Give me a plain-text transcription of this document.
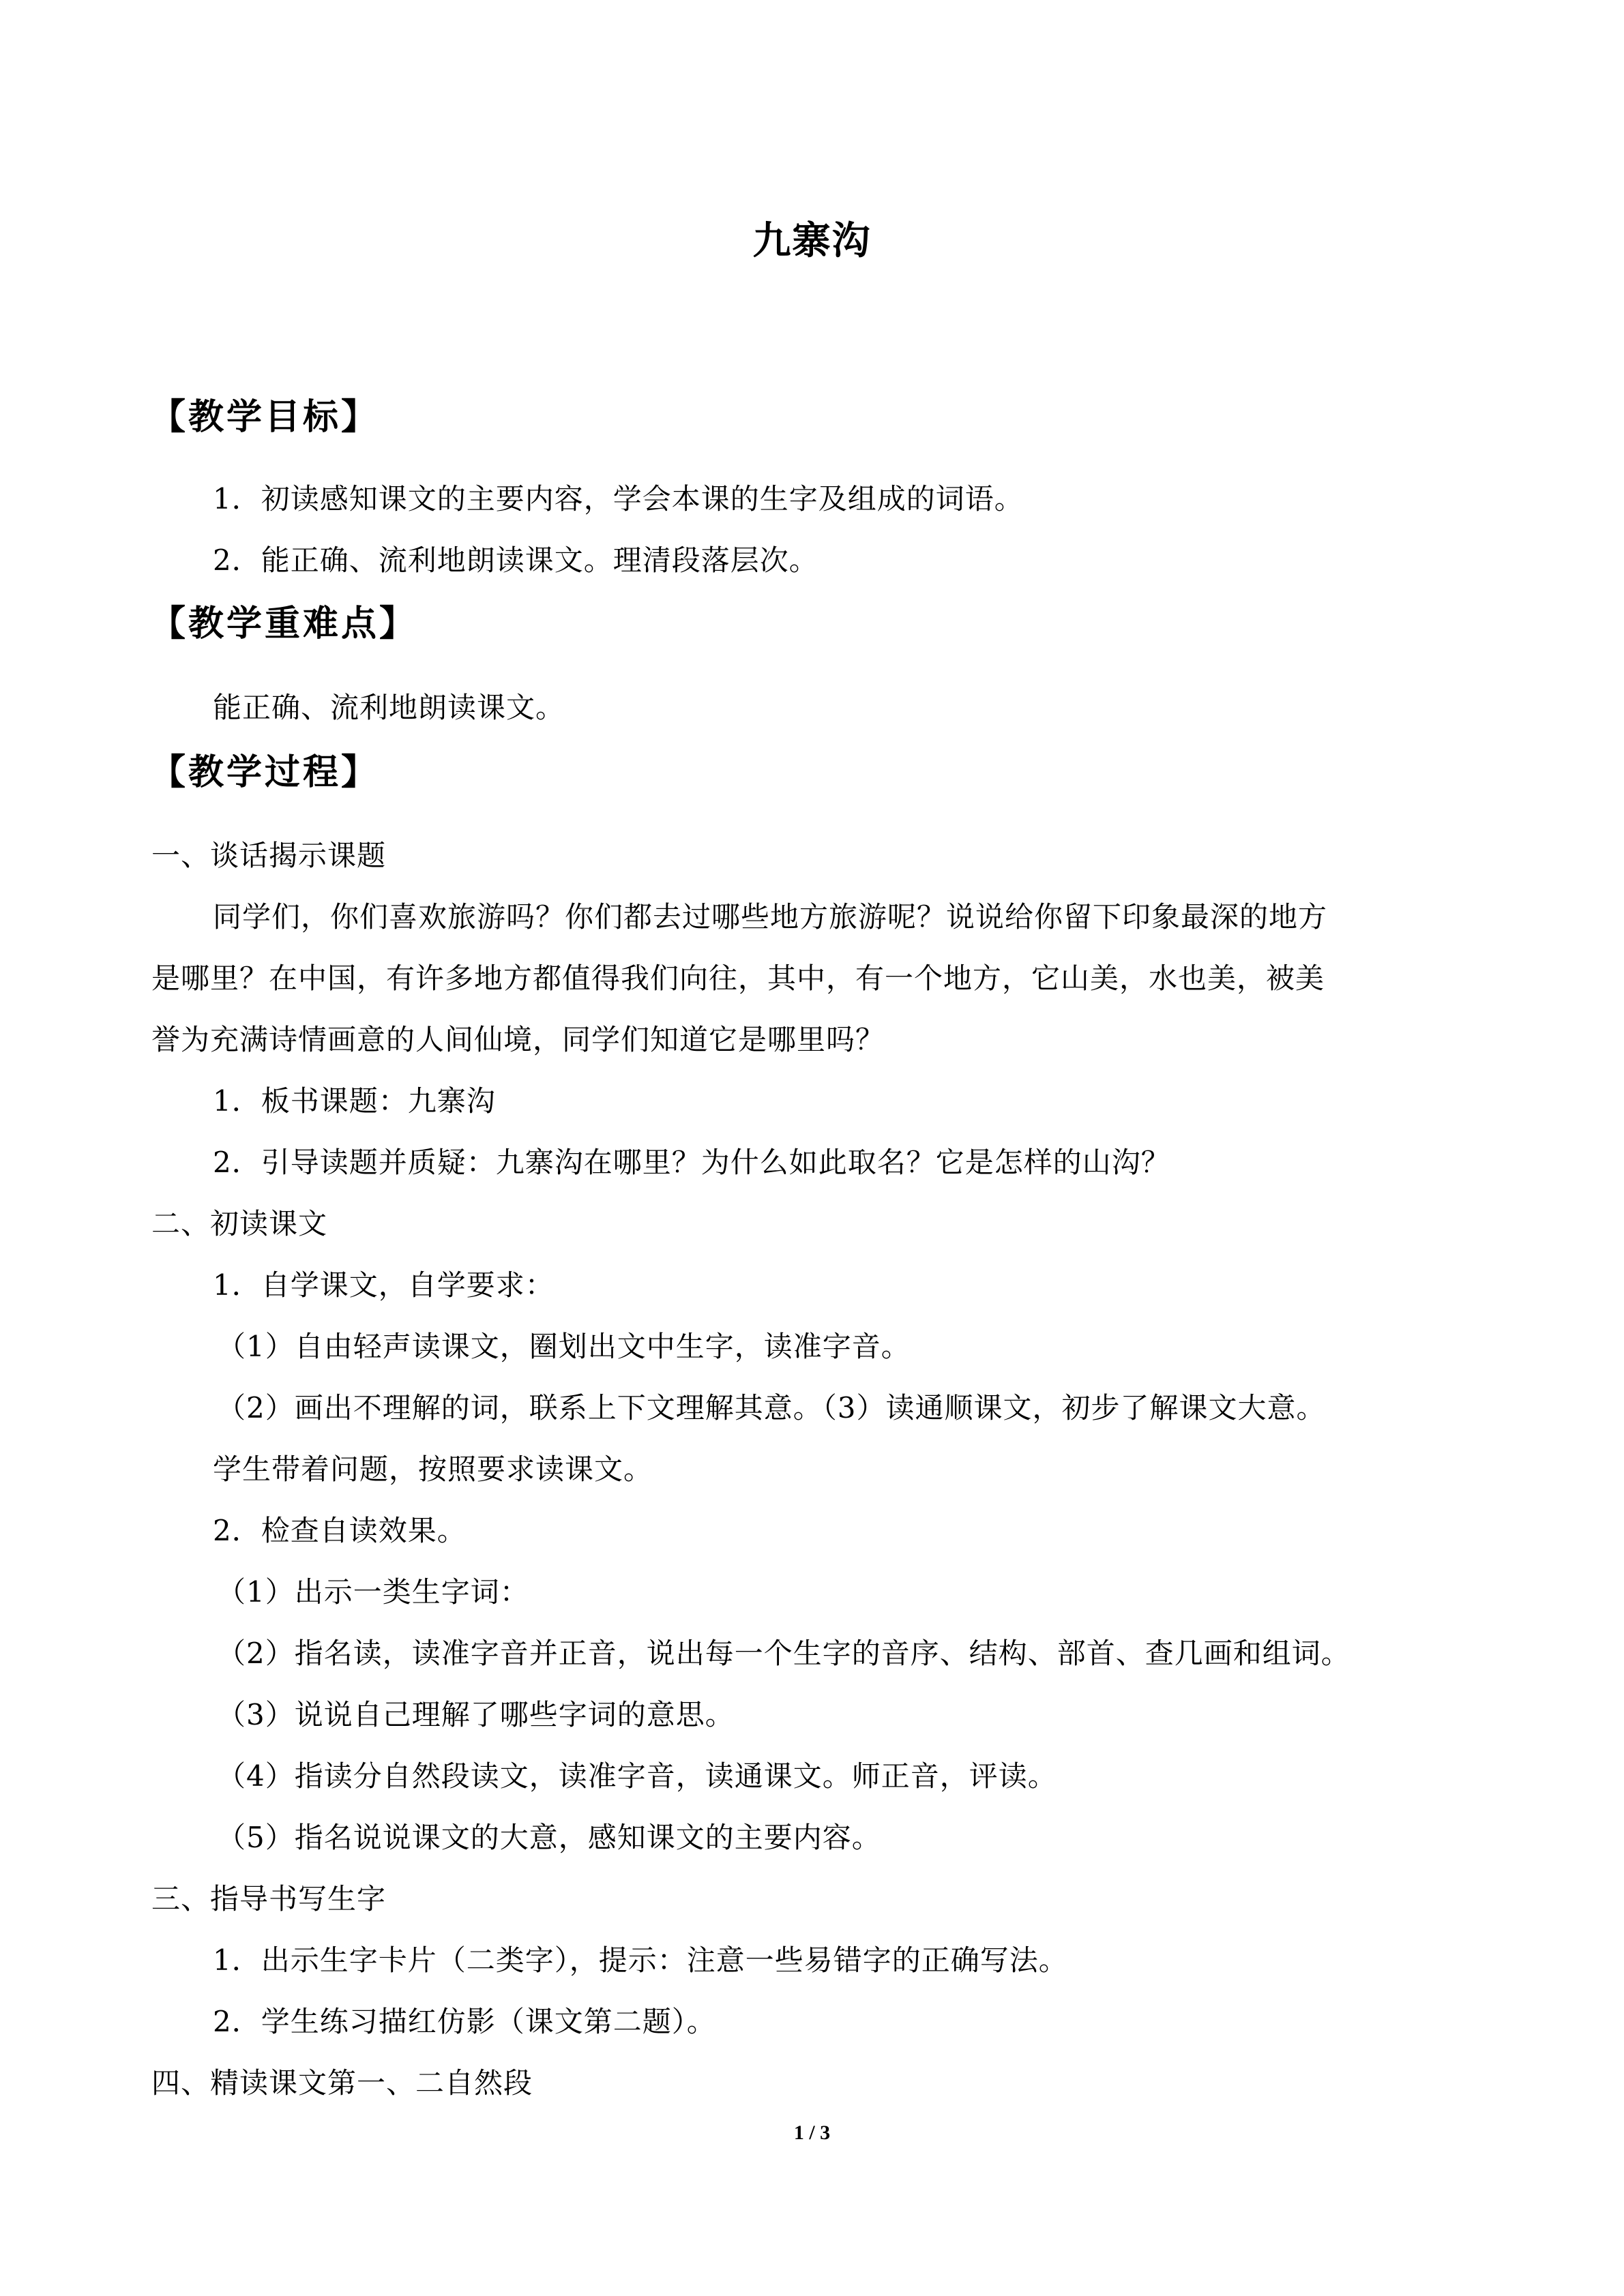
九寨沟
【教学目标】
1．初读感知课文的主要内容，学会本课的生字及组成的词语。
2．能正确、流利地朗读课文。理清段落层次。
【教学重难点】
能正确、流利地朗读课文。
【教学过程】
一、谈话揭示课题
同学们，你们喜欢旅游吗？你们都去过哪些地方旅游呢？说说给你留下印象最深的地方
是哪里？在中国，有许多地方都值得我们向往，其中，有一个地方，它山美，水也美，被美
誉为充满诗情画意的人间仙境，同学们知道它是哪里吗？
1．板书课题：九寨沟
2．引导读题并质疑：九寨沟在哪里？为什么如此取名？它是怎样的山沟？
二、初读课文
1．自学课文，自学要求：
（1）自由轻声读课文，圈划出文中生字，读准字音。
（2）画出不理解的词，联系上下文理解其意。（3）读通顺课文，初步了解课文大意。
学生带着问题，按照要求读课文。
2．检查自读效果。
（1）出示一类生字词：
（2）指名读，读准字音并正音，说出每一个生字的音序、结构、部首、查几画和组词。
（3）说说自己理解了哪些字词的意思。
（4）指读分自然段读文，读准字音，读通课文。师正音，评读。
（5）指名说说课文的大意，感知课文的主要内容。
三、指导书写生字
1．出示生字卡片（二类字），提示：注意一些易错字的正确写法。
2．学生练习描红仿影（课文第二题）。
四、精读课文第一、二自然段
1 / 3
